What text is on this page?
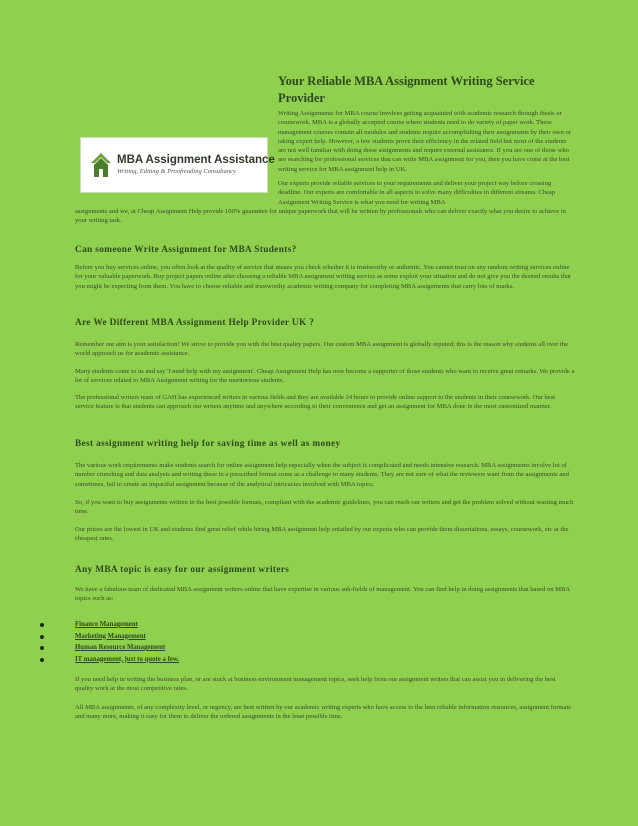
MBA Assignment Assistance
Writing, Editing & Proofreading Consultancy
Your Reliable MBA Assignment Writing Service Provider

Writing Assignments for MBA course involves getting acquainted with academic research through thesis or coursework. MBA is a globally accepted course where students need to do variety of paper work. These management courses contain all modules and students require accomplishing their assignments by their own or taking expert help. However, a few students prove their efficiency in the related field but most of the students are not well familiar with doing these assignments and require external assistance. If you are one of those who are searching for professional services that can write MBA assignment for you, then you have come at the best writing service for MBA assignment help in UK.

Our experts provide reliable services to your requirements and deliver your project way before crossing deadline. Our experts are comfortable in all aspects to solve many difficulties in different streams. Cheap Assignment Writing Service is what you need for writing MBA

assignments and we, at Cheap Assignment Help provide 100% guarantee for unique paperwork that will be written by professionals who can deliver exactly what you desire to achieve in your writing task.

Can someone Write Assignment for MBA Students?

Before you buy services online, you often look at the quality of service that means you check whether it is trustworthy or authentic. You cannot trust on any random writing services online for your valuable paperwork. Buy project papers online after choosing a reliable MBA assignment writing service as some exploit your situation and do not give you the desired results that you might be expecting from them. You have to choose reliable and trustworthy academic writing company for completing MBA assignments that carry lots of marks.

Are We Different MBA Assignment Help Provider UK ?

Remember our aim is your satisfaction! We strive to provide you with the best quality papers. Our custom MBA assignment is globally reputed; this is the reason why students all over the world approach us for academic assistance.

Many students come to us and say 'I need help with my assignment'. Cheap Assignment Help has now become a supporter of those students who want to receive great remarks. We provide a lot of services related to MBA Assignment writing for the meritorious students.

The professional writers team of GAH has experienced writers in various fields and they are available 24 hours to provide online support to the students in their coursework. Our best service feature is that students can approach our writers anytime and anywhere according to their convenience and get an assignment for MBA done in the most customized manner.

Best assignment writing help for saving time as well as money

The various work requirements make students search for online assignment help especially when the subject is complicated and needs intensive research. MBA assignments involve lot of number crunching and data analysis and writing these in a prescribed format come as a challenge to many students. They are not sure of what the reviewers want from the assignments and sometimes, fail to create an impactful assignment because of the analytical intricacies involved with MBA topics.

So, if you want to buy assignments written in the best possible formats, compliant with the academic guidelines, you can reach our writers and get the problem solved without wasting much time.

Our prices are the lowest in UK and students find great relief while hiring MBA assignment help entailed by our experts who can provide them dissertations, essays, coursework, etc at the cheapest rates.

Any MBA topic is easy for our assignment writers

We have a fabulous team of dedicated MBA assignment writers online that have expertise in various sub-fields of management. You can find help in doing assignments that based on MBA topics such as:

Finance Management
Marketing Management
Human Resource Management
IT management, just to quote a few.

If you need help in writing the business plan, or are stuck at business environment management topics, seek help from our assignment writers that can assist you in delivering the best quality work at the most competitive rates.

All MBA assignments, of any complexity level, or urgency, are best written by our academic writing experts who have access to the best reliable information resources, assignment formats and many more, making it easy for them to deliver the ordered assignments in the least possible time.
